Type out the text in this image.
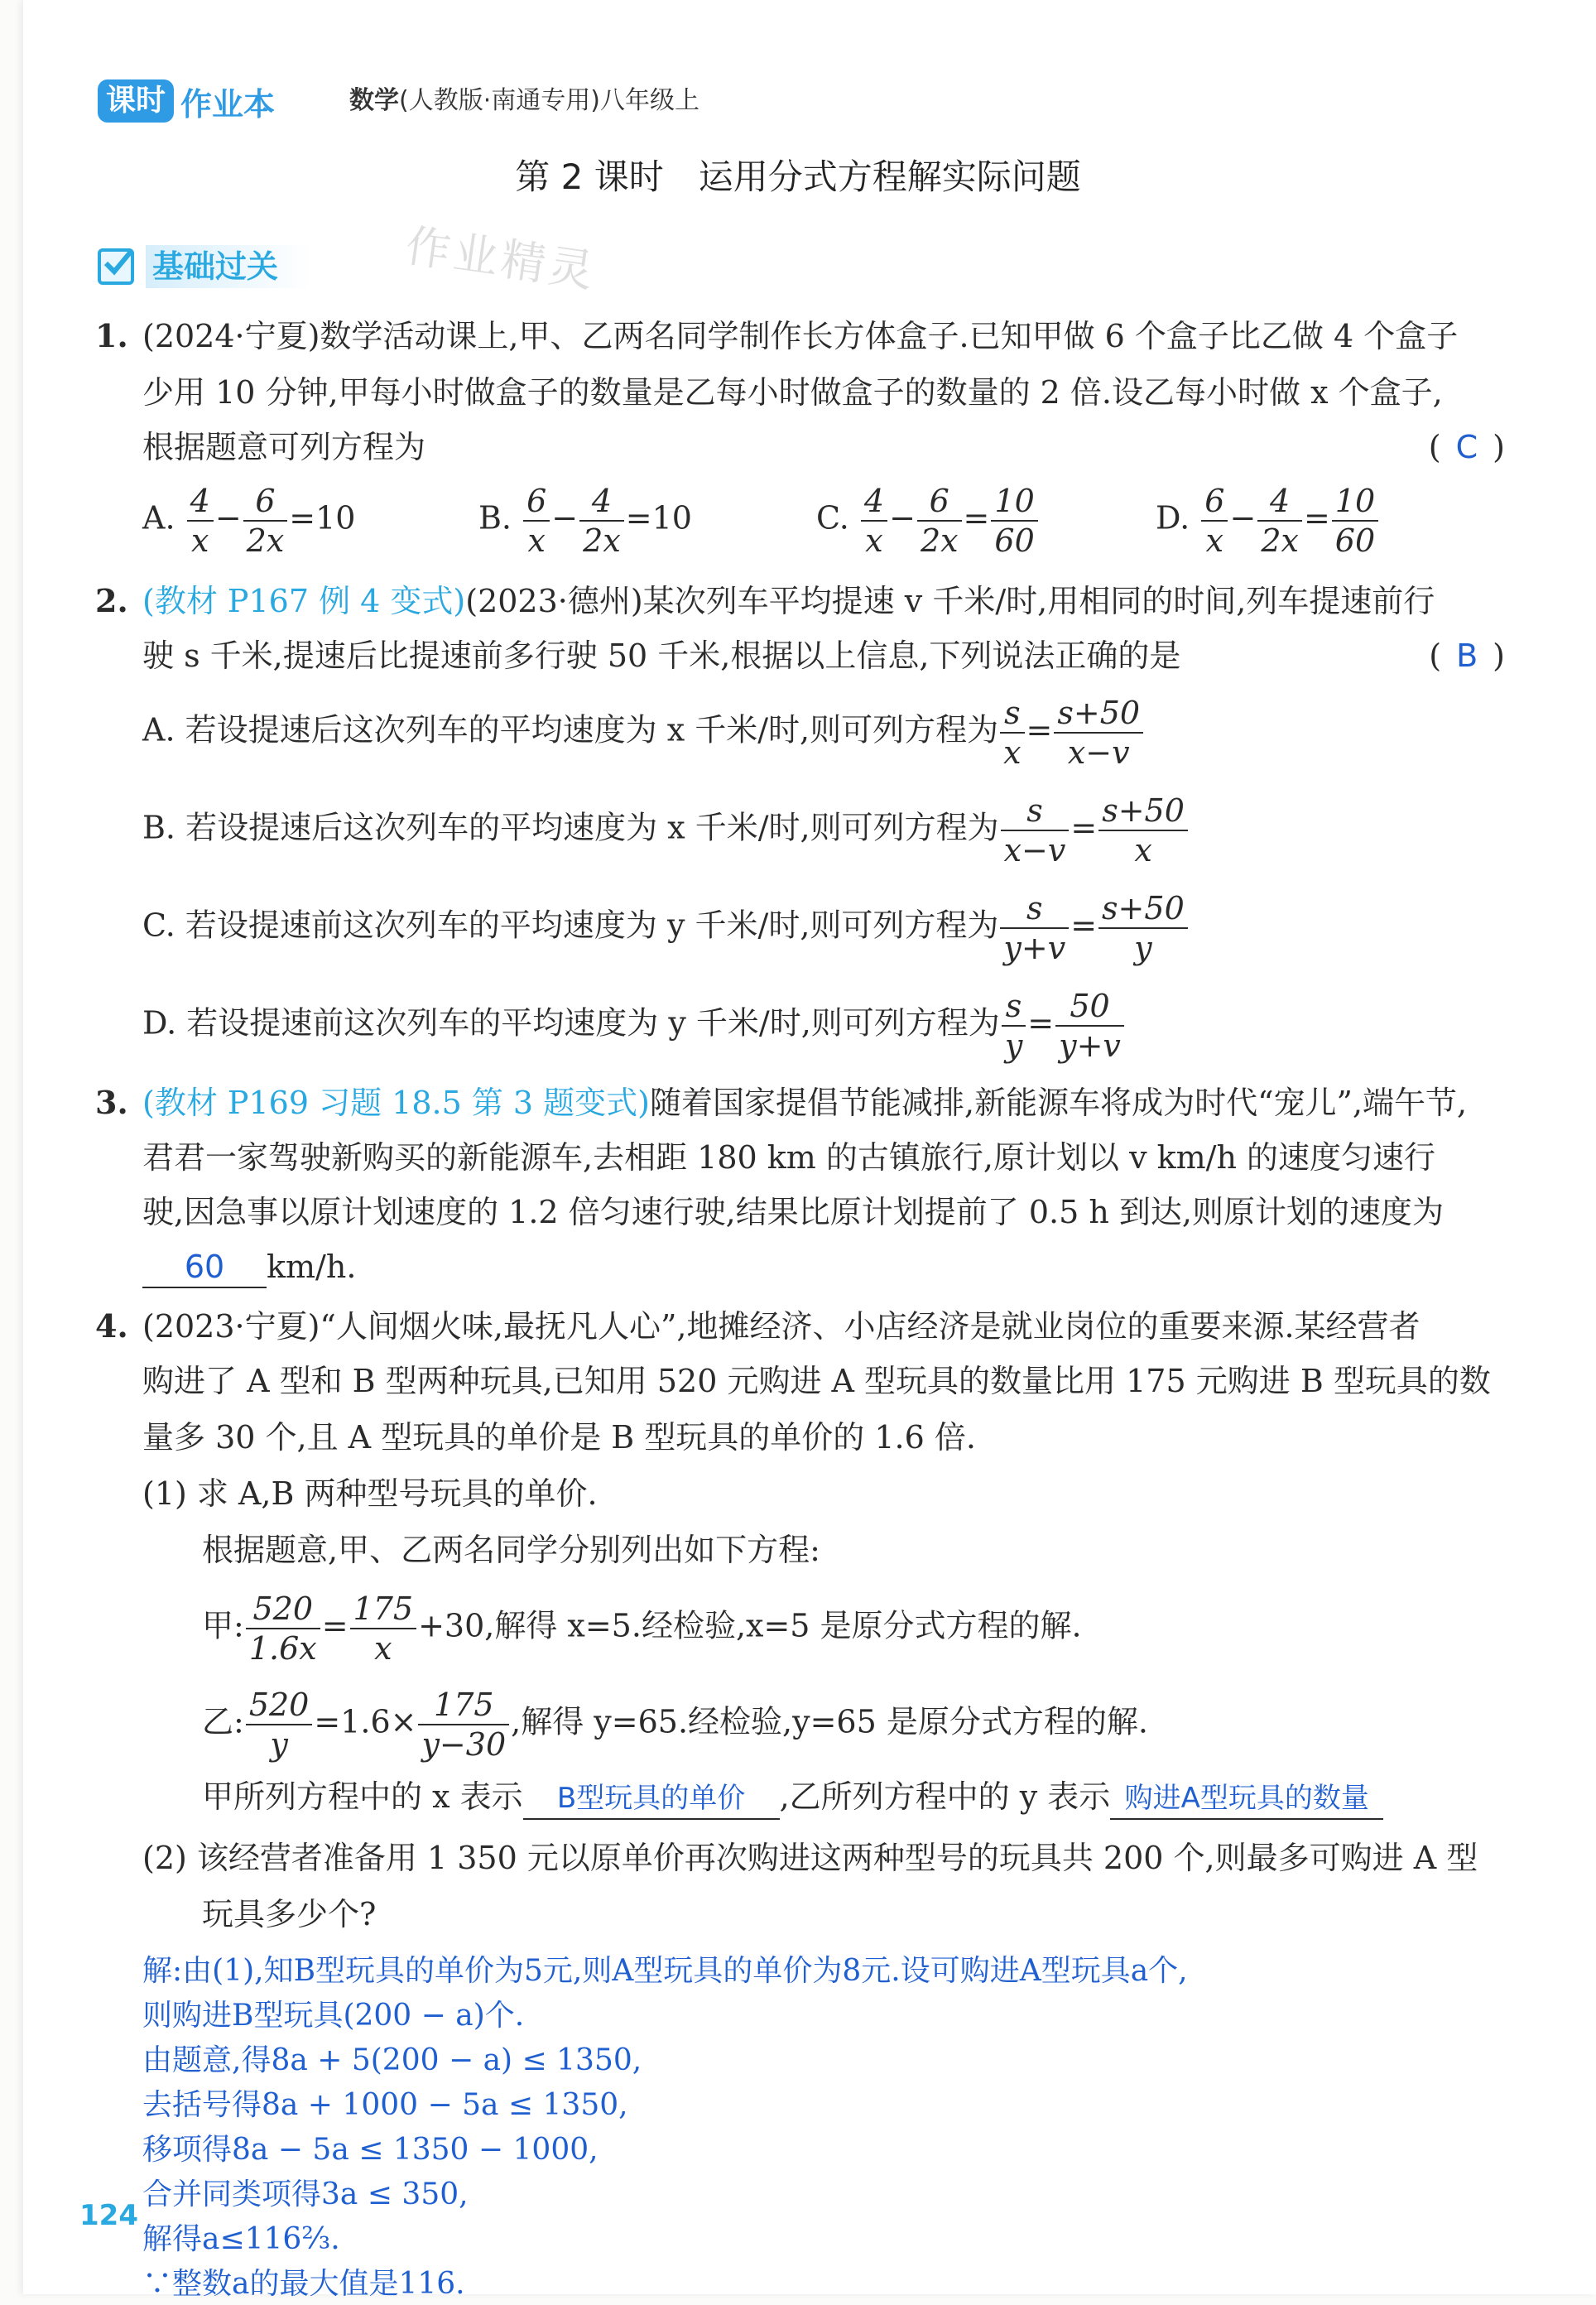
课时 作业本	数学(人教版·南通专用)八年级上
第 2 课时　运用分式方程解实际问题
基础过关	作业精灵
1. (2024·宁夏)数学活动课上,甲、乙两名同学制作长方体盒子.已知甲做 6 个盒子比乙做 4 个盒子
少用 10 分钟,甲每小时做盒子的数量是乙每小时做盒子的数量的 2 倍.设乙每小时做 x 个盒子,
根据题意可列方程为	( C )
A. $\frac{4}{x} - \frac{6}{2x} =10$	B. $\frac{6}{x} - \frac{4}{2x} =10$	C. $\frac{4}{x} - \frac{6}{2x} = \frac{10}{60}$	D. $\frac{6}{x} - \frac{4}{2x} = \frac{10}{60}$
2. (教材 P167 例 4 变式)(2023·德州)某次列车平均提速 v 千米/时,用相同的时间,列车提速前行
驶 s 千米,提速后比提速前多行驶 50 千米,根据以上信息,下列说法正确的是	( B )
A. 若设提速后这次列车的平均速度为 x 千米/时,则可列方程为 $\frac{s}{x} = \frac{s+50}{x-v}$
B. 若设提速后这次列车的平均速度为 x 千米/时,则可列方程为 $\frac{s}{x-v} = \frac{s+50}{x}$
C. 若设提速前这次列车的平均速度为 y 千米/时,则可列方程为 $\frac{s}{y+v} = \frac{s+50}{y}$
D. 若设提速前这次列车的平均速度为 y 千米/时,则可列方程为 $\frac{s}{y} = \frac{50}{y+v}$
3. (教材 P169 习题 18.5 第 3 题变式)随着国家提倡节能减排,新能源车将成为时代“宠儿”,端午节,
君君一家驾驶新购买的新能源车,去相距 180 km 的古镇旅行,原计划以 v km/h 的速度匀速行
驶,因急事以原计划速度的 1.2 倍匀速行驶,结果比原计划提前了 0.5 h 到达,则原计划的速度为
60 km/h.
4. (2023·宁夏)“人间烟火味,最抚凡人心”,地摊经济、小店经济是就业岗位的重要来源.某经营者
购进了 A 型和 B 型两种玩具,已知用 520 元购进 A 型玩具的数量比用 175 元购进 B 型玩具的数
量多 30 个,且 A 型玩具的单价是 B 型玩具的单价的 1.6 倍.
(1) 求 A,B 两种型号玩具的单价.
根据题意,甲、乙两名同学分别列出如下方程:
甲: $\frac{520}{1.6x} = \frac{175}{x} +30$,解得 x=5.经检验,x=5 是原分式方程的解.
乙: $\frac{520}{y} =1.6\times \frac{175}{y-30}$ ,解得 y=65.经检验,y=65 是原分式方程的解.
甲所列方程中的 x 表示 B型玩具的单价 ,乙所列方程中的 y 表示 购进A型玩具的数量
(2) 该经营者准备用 1 350 元以原单价再次购进这两种型号的玩具共 200 个,则最多可购进 A 型
玩具多少个?
解:由(1),知B型玩具的单价为5元,则A型玩具的单价为8元.设可购进A型玩具a个,
则购进B型玩具(200 − a)个.
由题意,得8a + 5(200 − a) ≤ 1350,
去括号得8a + 1000 − 5a ≤ 1350,
移项得8a − 5a ≤ 1350 − 1000,
合并同类项得3a ≤ 350,
解得a≤116⅔.
∵整数a的最大值是116.
124
